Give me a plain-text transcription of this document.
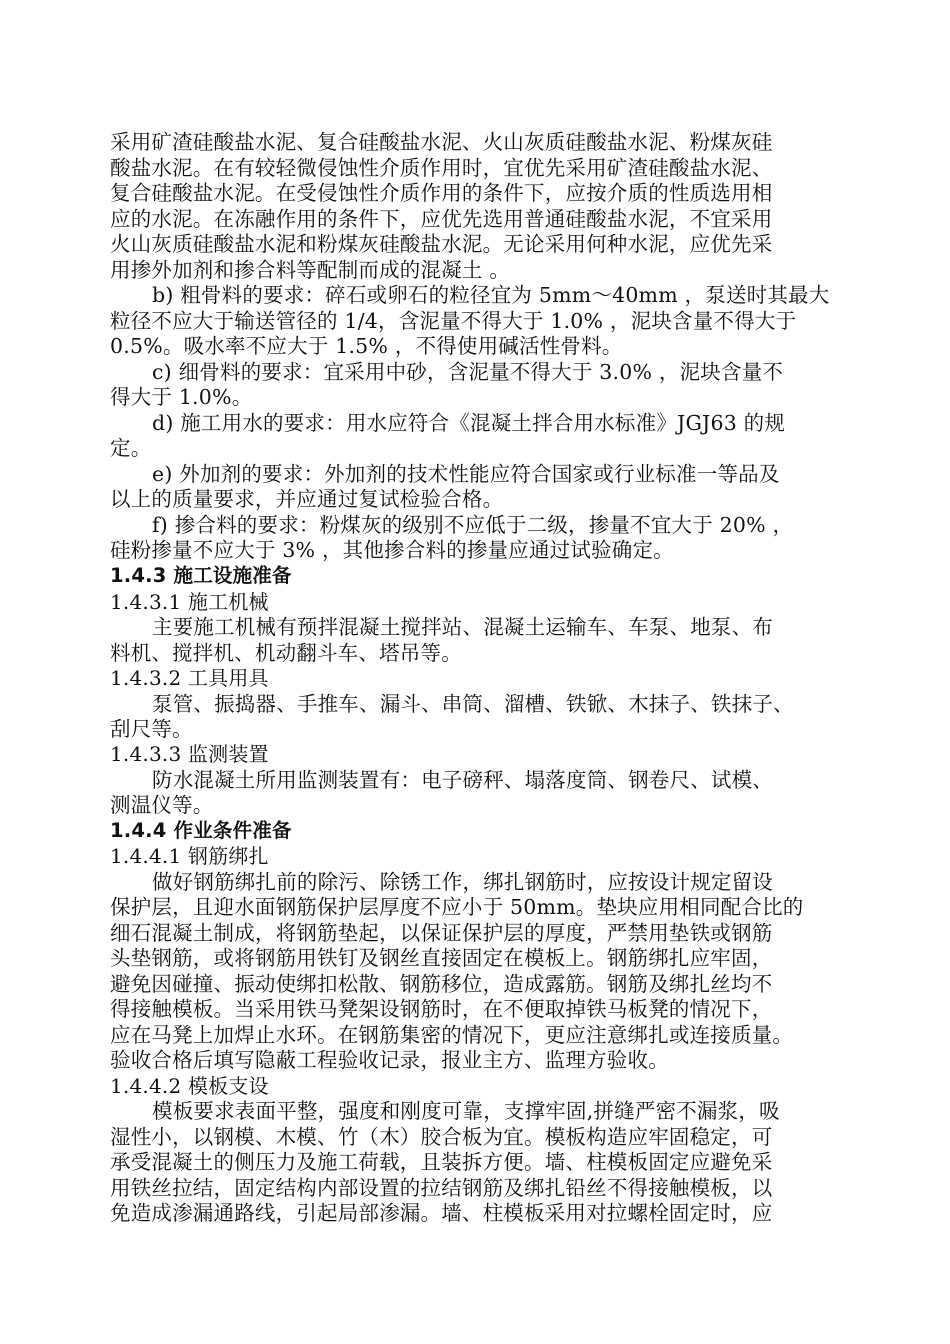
采用矿渣硅酸盐水泥、复合硅酸盐水泥、火山灰质硅酸盐水泥、粉煤灰硅
酸盐水泥。在有较轻微侵蚀性介质作用时，宜优先采用矿渣硅酸盐水泥、
复合硅酸盐水泥。在受侵蚀性介质作用的条件下，应按介质的性质选用相
应的水泥。在冻融作用的条件下，应优先选用普通硅酸盐水泥，不宜采用
火山灰质硅酸盐水泥和粉煤灰硅酸盐水泥。无论采用何种水泥，应优先采
用掺外加剂和掺合料等配制而成的混凝土 。
b) 粗骨料的要求：碎石或卵石的粒径宜为 5mm～40mm ，泵送时其最大
粒径不应大于输送管径的 1/4，含泥量不得大于 1.0% ，泥块含量不得大于
0.5%。吸水率不应大于 1.5% ，不得使用碱活性骨料。
c) 细骨料的要求：宜采用中砂，含泥量不得大于 3.0% ，泥块含量不
得大于 1.0%。
d) 施工用水的要求：用水应符合《混凝土拌合用水标准》JGJ63 的规
定。
e) 外加剂的要求：外加剂的技术性能应符合国家或行业标准一等品及
以上的质量要求，并应通过复试检验合格。
f) 掺合料的要求：粉煤灰的级别不应低于二级，掺量不宜大于 20% ，
硅粉掺量不应大于 3% ，其他掺合料的掺量应通过试验确定。
1.4.3 施工设施准备
1.4.3.1 施工机械
主要施工机械有预拌混凝土搅拌站、混凝土运输车、车泵、地泵、布
料机、搅拌机、机动翻斗车、塔吊等。
1.4.3.2 工具用具
泵管、振捣器、手推车、漏斗、串筒、溜槽、铁锨、木抹子、铁抹子、
刮尺等。
1.4.3.3 监测装置
防水混凝土所用监测装置有：电子磅秤、塌落度筒、钢卷尺、试模、
测温仪等。
1.4.4 作业条件准备
1.4.4.1 钢筋绑扎
做好钢筋绑扎前的除污、除锈工作，绑扎钢筋时，应按设计规定留设
保护层，且迎水面钢筋保护层厚度不应小于 50mm。垫块应用相同配合比的
细石混凝土制成，将钢筋垫起，以保证保护层的厚度，严禁用垫铁或钢筋
头垫钢筋，或将钢筋用铁钉及钢丝直接固定在模板上。钢筋绑扎应牢固，
避免因碰撞、振动使绑扣松散、钢筋移位，造成露筋。钢筋及绑扎丝均不
得接触模板。当采用铁马凳架设钢筋时，在不便取掉铁马板凳的情况下，
应在马凳上加焊止水环。在钢筋集密的情况下，更应注意绑扎或连接质量。
验收合格后填写隐蔽工程验收记录，报业主方、监理方验收。
1.4.4.2 模板支设
模板要求表面平整，强度和刚度可靠，支撑牢固,拼缝严密不漏浆，吸
湿性小，以钢模、木模、竹（木）胶合板为宜。模板构造应牢固稳定，可
承受混凝土的侧压力及施工荷载，且装拆方便。墙、柱模板固定应避免采
用铁丝拉结，固定结构内部设置的拉结钢筋及绑扎铅丝不得接触模板，以
免造成渗漏通路线，引起局部渗漏。墙、柱模板采用对拉螺栓固定时，应
